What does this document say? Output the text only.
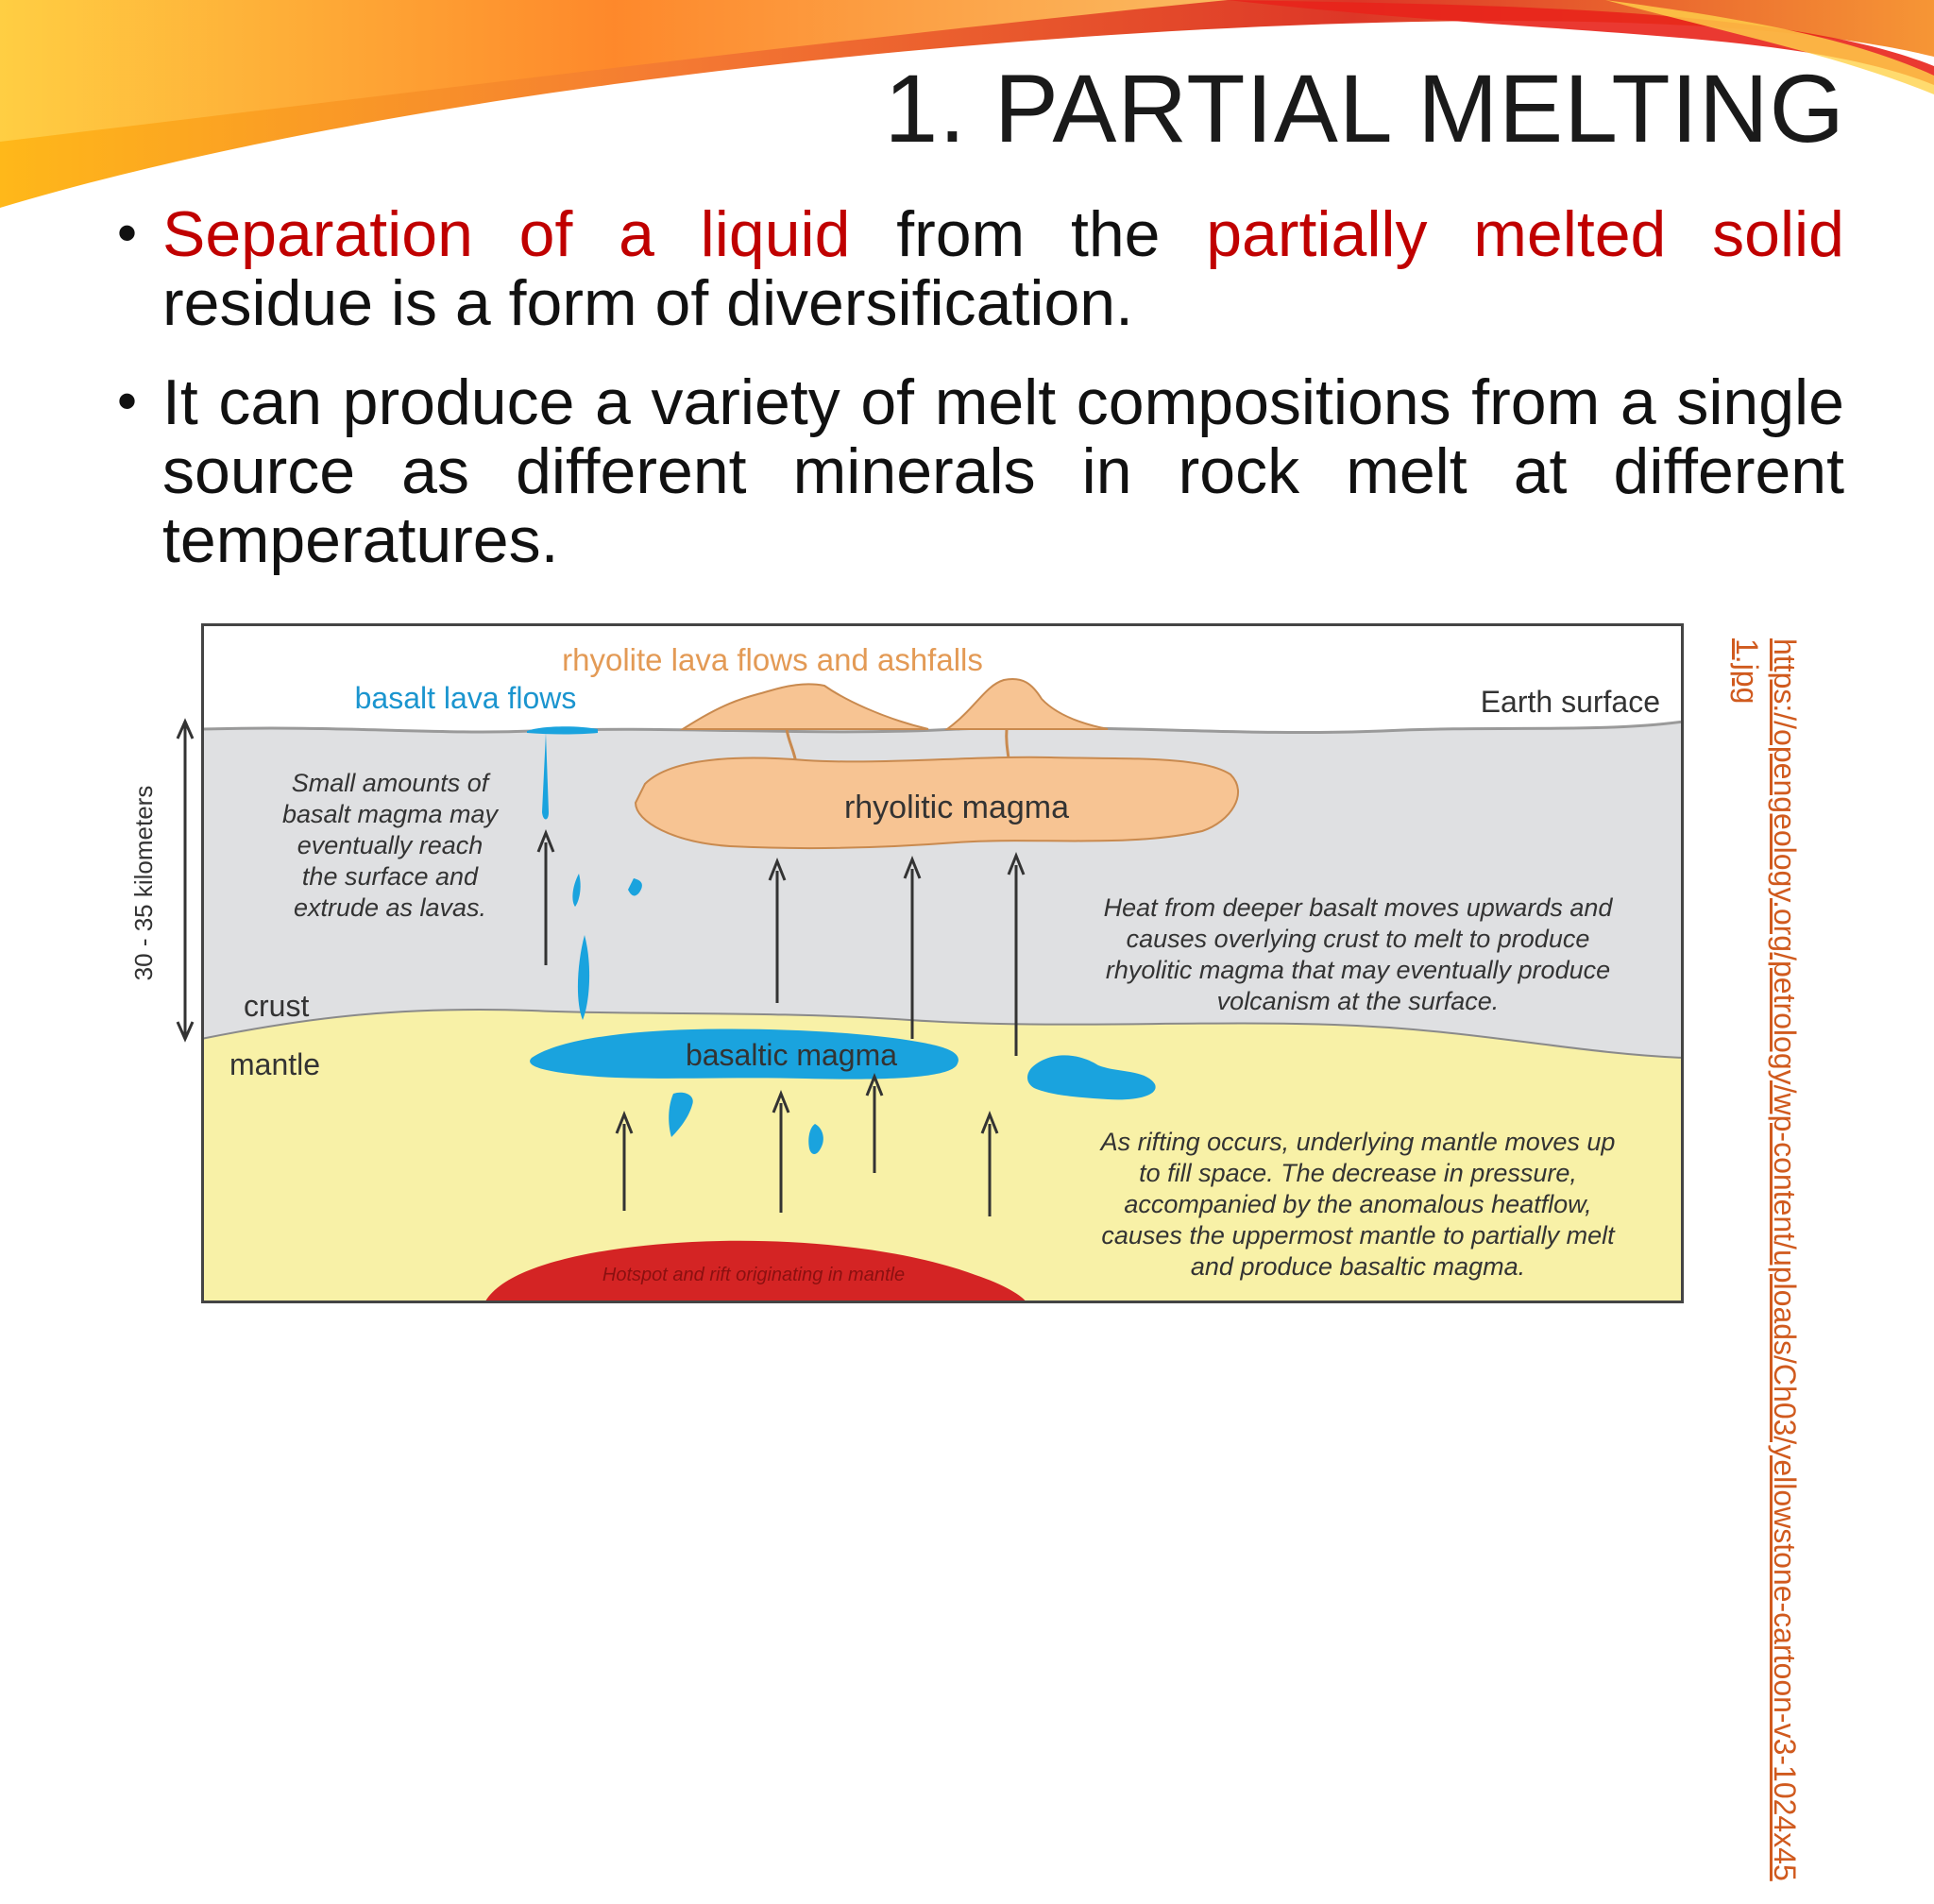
1. PARTIAL MELTING
• Separation of a liquid from the partially melted solid residue is a form of diversification.
• It can produce a variety of melt compositions from a single source as different minerals in rock melt at different temperatures.
rhyolite lava flows and ashfalls
basalt lava flows	Earth surface
rhyolitic magma
basaltic magma
crust
mantle
30 - 35 kilometers
Hotspot and rift originating in mantle
Small amounts of
basalt magma may
eventually reach
the surface and
extrude as lavas.	Heat from deeper basalt moves upwards and
causes overlying crust to melt to produce
rhyolitic magma that may eventually produce
volcanism at the surface.
As rifting occurs, underlying mantle moves up
to fill space. The decrease in pressure,
accompanied by the anomalous heatflow,
causes the uppermost mantle to partially melt
and produce basaltic magma.	https://opengeology.org/petrology/wp-content/uploads/Ch03/yellowstone-cartoon-v3-1024x451.jpg
